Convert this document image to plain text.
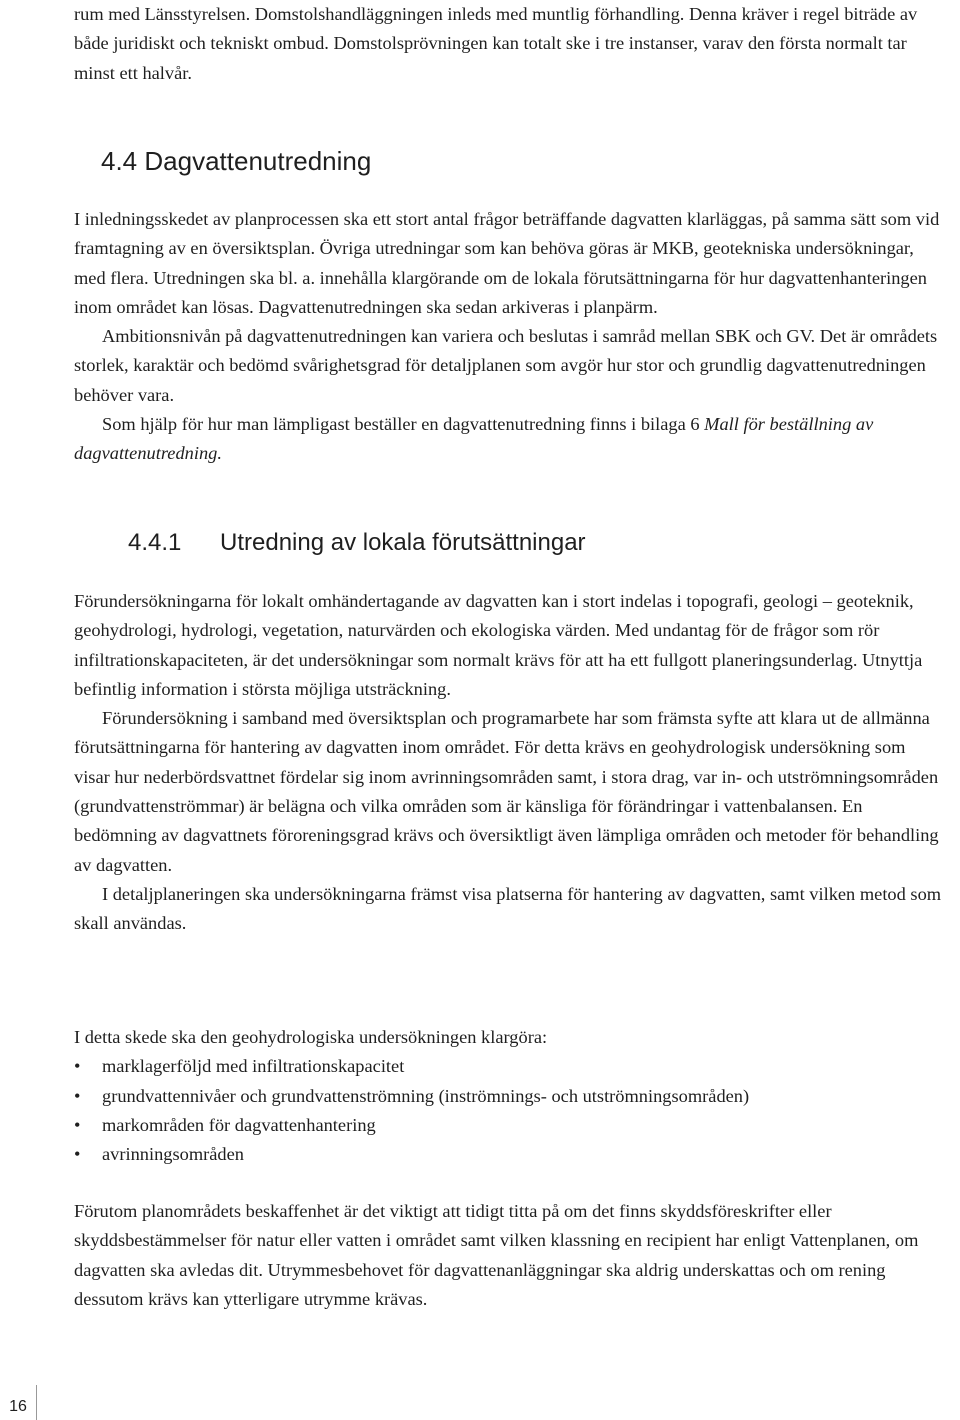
rum med Länsstyrelsen. Domstolshandläggningen inleds med muntlig förhandling. Denna kräver i regel biträde av både juridiskt och tekniskt ombud. Domstolsprövningen kan totalt ske i tre instanser, varav den första normalt tar minst ett halvår.

4.4 Dagvattenutredning

I inledningsskedet av planprocessen ska ett stort antal frågor beträffande dagvatten klarläggas, på samma sätt som vid framtagning av en översiktsplan. Övriga utredningar som kan behöva göras är MKB, geotekniska undersökningar, med flera. Utredningen ska bl. a. innehålla klargörande om de lokala förutsättningarna för hur dagvattenhanteringen inom området kan lösas. Dagvattenutredningen ska sedan arkiveras i planpärm.

Ambitionsnivån på dagvattenutredningen kan variera och beslutas i samråd mellan SBK och GV. Det är områdets storlek, karaktär och bedömd svårighetsgrad för detaljplanen som avgör hur stor och grundlig dagvattenutredningen behöver vara.

Som hjälp för hur man lämpligast beställer en dagvattenutredning finns i bilaga 6 Mall för beställning av dagvattenutredning.

4.4.1 Utredning av lokala förutsättningar

Förundersökningarna för lokalt omhändertagande av dagvatten kan i stort indelas i topografi, geologi – geoteknik, geohydrologi, hydrologi, vegetation, naturvärden och ekologiska värden. Med undantag för de frågor som rör infiltrationskapaciteten, är det undersökningar som normalt krävs för att ha ett fullgott planeringsunderlag. Utnyttja befintlig information i största möjliga utsträckning.

Förundersökning i samband med översiktsplan och programarbete har som främsta syfte att klara ut de allmänna förutsättningarna för hantering av dagvatten inom området. För detta krävs en geohydrologisk undersökning som visar hur nederbördsvattnet fördelar sig inom avrinningsområden samt, i stora drag, var in- och utströmningsområden (grundvattenströmmar) är belägna och vilka områden som är känsliga för förändringar i vattenbalansen. En bedömning av dagvattnets föroreningsgrad krävs och översiktligt även lämpliga områden och metoder för behandling av dagvatten.

I detaljplaneringen ska undersökningarna främst visa platserna för hantering av dagvatten, samt vilken metod som skall användas.

I detta skede ska den geohydrologiska undersökningen klargöra:

• marklagerföljd med infiltrationskapacitet
• grundvattennivåer och grundvattenströmning (inströmnings- och utströmningsområden)
• markområden för dagvattenhantering
• avrinningsområden

Förutom planområdets beskaffenhet är det viktigt att tidigt titta på om det finns skyddsföreskrifter eller skyddsbestämmelser för natur eller vatten i området samt vilken klassning en recipient har enligt Vattenplanen, om dagvatten ska avledas dit. Utrymmesbehovet för dagvattenanläggningar ska aldrig underskattas och om rening dessutom krävs kan ytterligare utrymme krävas.

16
